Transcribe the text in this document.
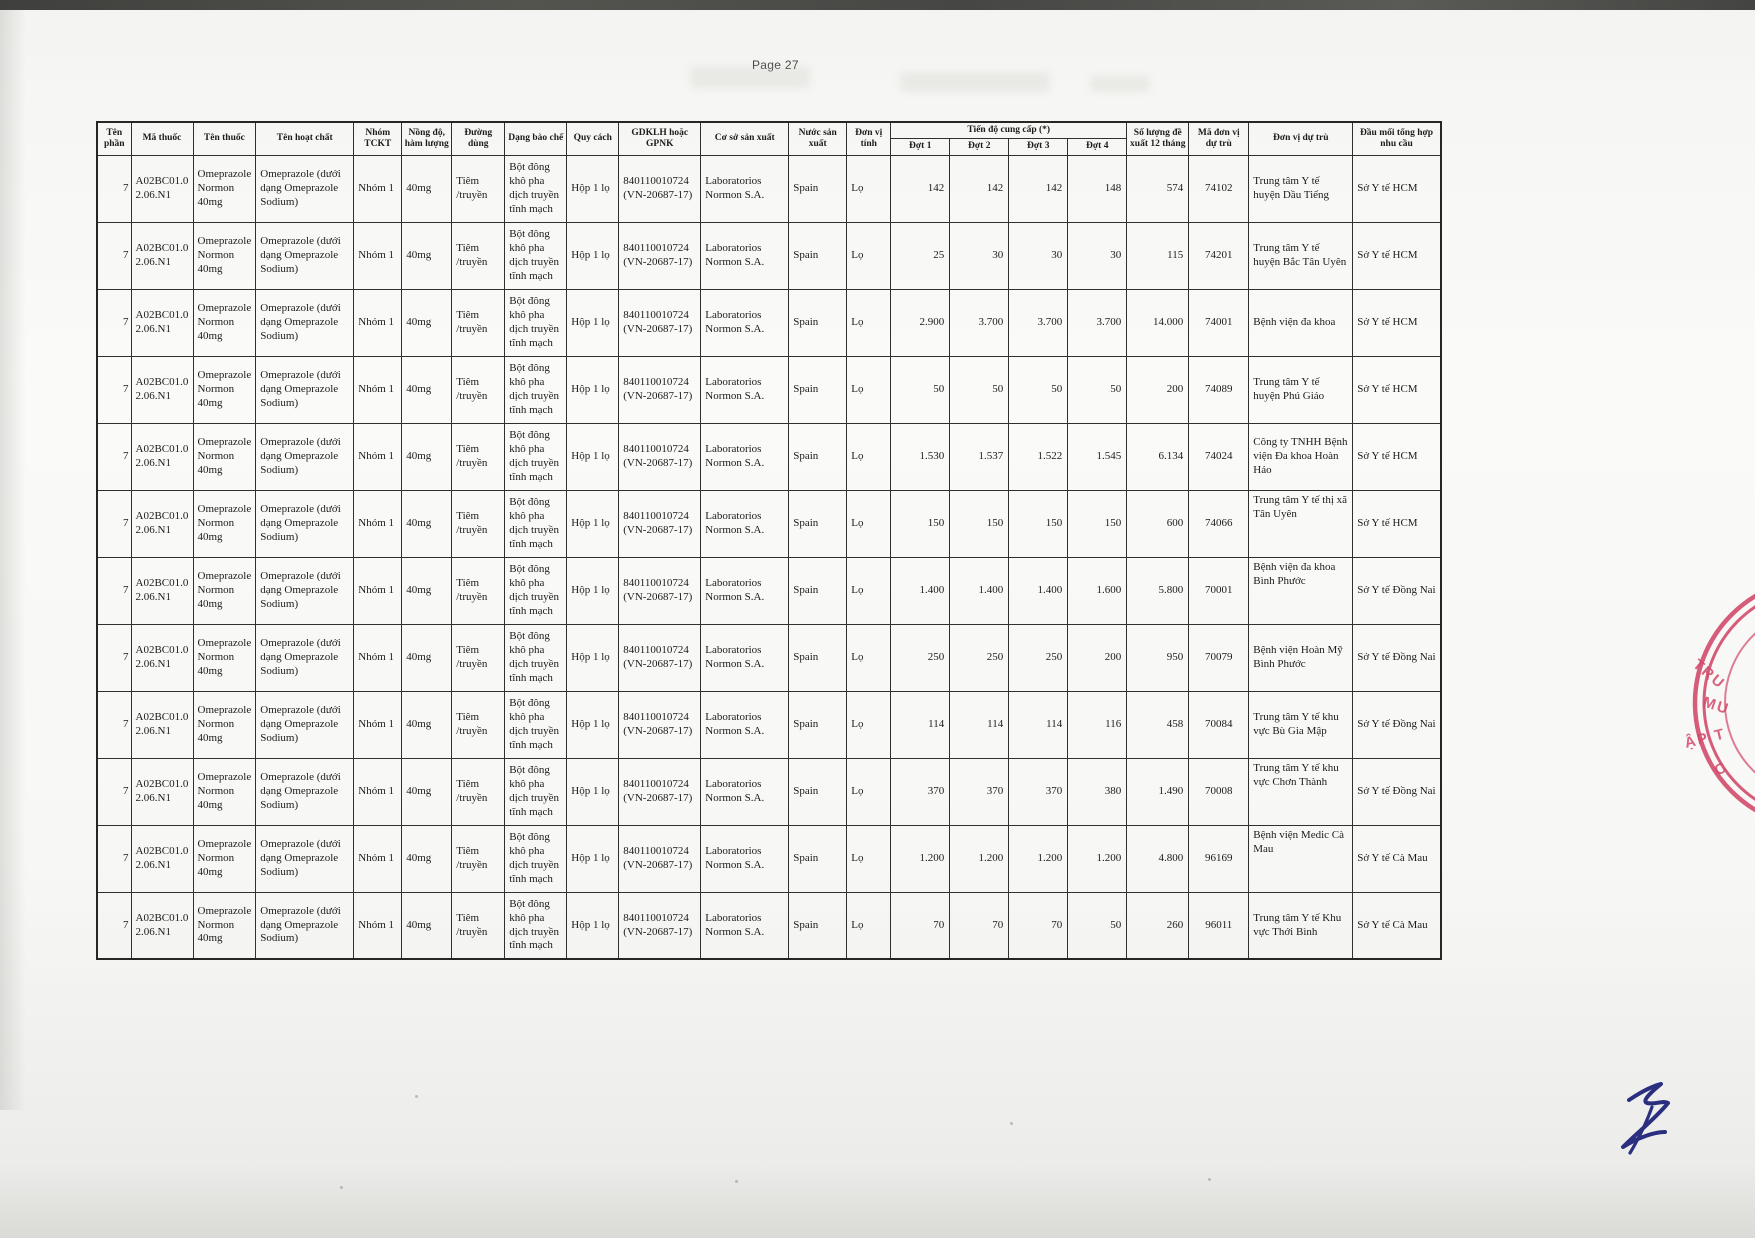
Page 27
Tên phần	Mã thuốc	Tên thuốc	Tên hoạt chất	Nhóm TCKT	Nồng độ, hàm lượng	Đường dùng	Dạng bào chế	Quy cách	GDKLH hoặc GPNK	Cơ sở sản xuất	Nước sản xuất	Đơn vị tính	Tiến độ cung cấp (*)				Số lượng đề xuất 12 tháng	Mã đơn vị dự trù	Đơn vị dự trù	Đầu mối tổng hợp nhu cầu
													Đợt 1	Đợt 2	Đợt 3	Đợt 4				
7	A02BC01.0 2.06.N1	Omeprazole Normon 40mg	Omeprazole (dưới dạng Omeprazole Sodium)	Nhóm 1	40mg	Tiêm /truyền	Bột đông khô pha dịch truyền tĩnh mạch	Hộp 1 lọ	840110010724 (VN-20687-17)	Laboratorios Normon S.A.	Spain	Lọ	142	142	142	148	574	74102	Trung tâm Y tế huyện Dầu Tiếng	Sở Y tế HCM
7	A02BC01.0 2.06.N1	Omeprazole Normon 40mg	Omeprazole (dưới dạng Omeprazole Sodium)	Nhóm 1	40mg	Tiêm /truyền	Bột đông khô pha dịch truyền tĩnh mạch	Hộp 1 lọ	840110010724 (VN-20687-17)	Laboratorios Normon S.A.	Spain	Lọ	25	30	30	30	115	74201	Trung tâm Y tế huyện Bắc Tân Uyên	Sở Y tế HCM
7	A02BC01.0 2.06.N1	Omeprazole Normon 40mg	Omeprazole (dưới dạng Omeprazole Sodium)	Nhóm 1	40mg	Tiêm /truyền	Bột đông khô pha dịch truyền tĩnh mạch	Hộp 1 lọ	840110010724 (VN-20687-17)	Laboratorios Normon S.A.	Spain	Lọ	2.900	3.700	3.700	3.700	14.000	74001	Bệnh viện đa khoa	Sở Y tế HCM
7	A02BC01.0 2.06.N1	Omeprazole Normon 40mg	Omeprazole (dưới dạng Omeprazole Sodium)	Nhóm 1	40mg	Tiêm /truyền	Bột đông khô pha dịch truyền tĩnh mạch	Hộp 1 lọ	840110010724 (VN-20687-17)	Laboratorios Normon S.A.	Spain	Lọ	50	50	50	50	200	74089	Trung tâm Y tế huyện Phú Giáo	Sở Y tế HCM
7	A02BC01.0 2.06.N1	Omeprazole Normon 40mg	Omeprazole (dưới dạng Omeprazole Sodium)	Nhóm 1	40mg	Tiêm /truyền	Bột đông khô pha dịch truyền tĩnh mạch	Hộp 1 lọ	840110010724 (VN-20687-17)	Laboratorios Normon S.A.	Spain	Lọ	1.530	1.537	1.522	1.545	6.134	74024	Công ty TNHH Bệnh viện Đa khoa Hoàn Hảo	Sở Y tế HCM
7	A02BC01.0 2.06.N1	Omeprazole Normon 40mg	Omeprazole (dưới dạng Omeprazole Sodium)	Nhóm 1	40mg	Tiêm /truyền	Bột đông khô pha dịch truyền tĩnh mạch	Hộp 1 lọ	840110010724 (VN-20687-17)	Laboratorios Normon S.A.	Spain	Lọ	150	150	150	150	600	74066	Trung tâm Y tế thị xã Tân Uyên	Sở Y tế HCM
7	A02BC01.0 2.06.N1	Omeprazole Normon 40mg	Omeprazole (dưới dạng Omeprazole Sodium)	Nhóm 1	40mg	Tiêm /truyền	Bột đông khô pha dịch truyền tĩnh mạch	Hộp 1 lọ	840110010724 (VN-20687-17)	Laboratorios Normon S.A.	Spain	Lọ	1.400	1.400	1.400	1.600	5.800	70001	Bệnh viện đa khoa Bình Phước	Sở Y tế Đồng Nai
7	A02BC01.0 2.06.N1	Omeprazole Normon 40mg	Omeprazole (dưới dạng Omeprazole Sodium)	Nhóm 1	40mg	Tiêm /truyền	Bột đông khô pha dịch truyền tĩnh mạch	Hộp 1 lọ	840110010724 (VN-20687-17)	Laboratorios Normon S.A.	Spain	Lọ	250	250	250	200	950	70079	Bệnh viện Hoàn Mỹ Bình Phước	Sở Y tế Đồng Nai
7	A02BC01.0 2.06.N1	Omeprazole Normon 40mg	Omeprazole (dưới dạng Omeprazole Sodium)	Nhóm 1	40mg	Tiêm /truyền	Bột đông khô pha dịch truyền tĩnh mạch	Hộp 1 lọ	840110010724 (VN-20687-17)	Laboratorios Normon S.A.	Spain	Lọ	114	114	114	116	458	70084	Trung tâm Y tế khu vực Bù Gia Mập	Sở Y tế Đồng Nai
7	A02BC01.0 2.06.N1	Omeprazole Normon 40mg	Omeprazole (dưới dạng Omeprazole Sodium)	Nhóm 1	40mg	Tiêm /truyền	Bột đông khô pha dịch truyền tĩnh mạch	Hộp 1 lọ	840110010724 (VN-20687-17)	Laboratorios Normon S.A.	Spain	Lọ	370	370	370	380	1.490	70008	Trung tâm Y tế khu vực Chơn Thành	Sở Y tế Đồng Nai
7	A02BC01.0 2.06.N1	Omeprazole Normon 40mg	Omeprazole (dưới dạng Omeprazole Sodium)	Nhóm 1	40mg	Tiêm /truyền	Bột đông khô pha dịch truyền tĩnh mạch	Hộp 1 lọ	840110010724 (VN-20687-17)	Laboratorios Normon S.A.	Spain	Lọ	1.200	1.200	1.200	1.200	4.800	96169	Bệnh viện Medic Cà Mau	Sở Y tế Cà Mau
7	A02BC01.0 2.06.N1	Omeprazole Normon 40mg	Omeprazole (dưới dạng Omeprazole Sodium)	Nhóm 1	40mg	Tiêm /truyền	Bột đông khô pha dịch truyền tĩnh mạch	Hộp 1 lọ	840110010724 (VN-20687-17)	Laboratorios Normon S.A.	Spain	Lọ	70	70	70	50	260	96011	Trung tâm Y tế Khu vực Thới Bình	Sở Y tế Cà Mau
TRU
MU
ẬP T
C
